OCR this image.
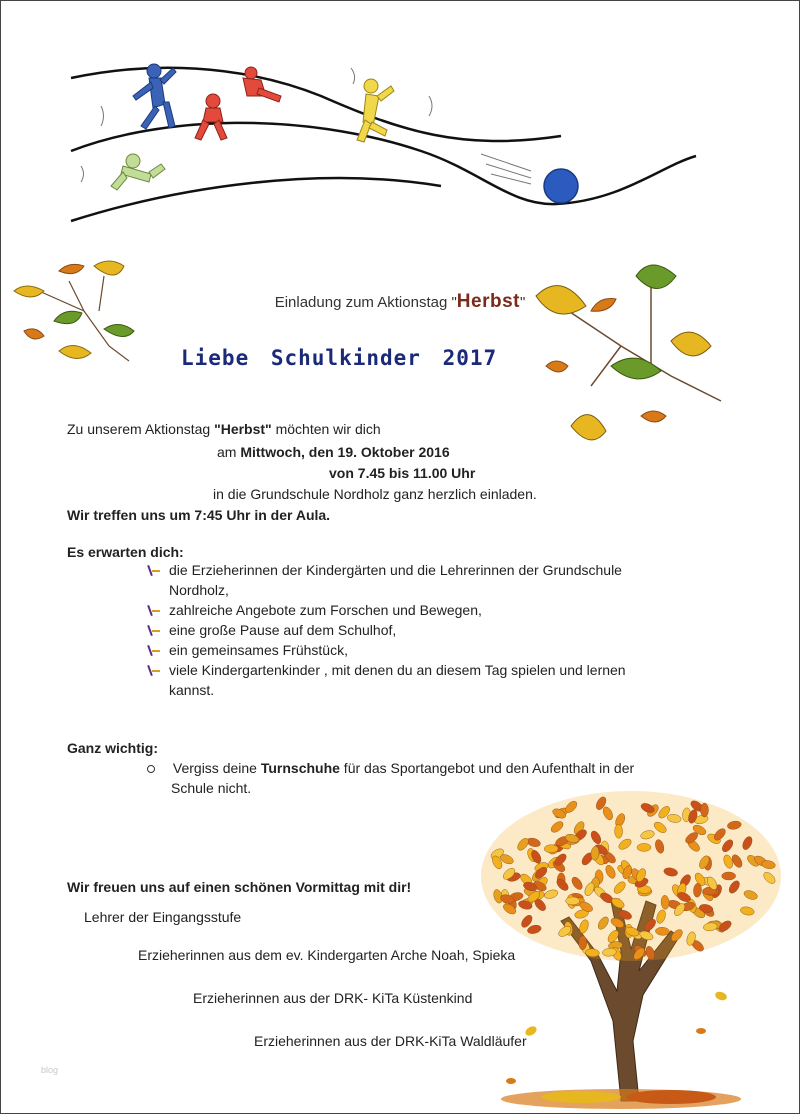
Einladung zum Aktionstag "Herbst"
Liebe Schulkinder 2017
Zu unserem Aktionstag "Herbst" möchten wir dich
am Mittwoch, den 19. Oktober 2016
von 7.45 bis 11.00 Uhr
in die Grundschule Nordholz ganz herzlich einladen.
Wir treffen uns um 7:45 Uhr in der Aula.
Es erwarten dich:
die Erzieherinnen der Kindergärten und die Lehrerinnen der Grundschule
Nordholz,
zahlreiche Angebote zum Forschen und Bewegen,
eine große Pause auf dem Schulhof,
ein gemeinsames Frühstück,
viele Kindergartenkinder , mit denen du an diesem Tag spielen und lernen
kannst.
Ganz wichtig:
Vergiss deine Turnschuhe für das Sportangebot und den Aufenthalt in der
Schule nicht.
Wir freuen uns auf einen schönen Vormittag mit dir!
Lehrer der Eingangsstufe
Erzieherinnen aus dem ev. Kindergarten Arche Noah, Spieka
Erzieherinnen aus der DRK- KiTa Küstenkind
Erzieherinnen aus der DRK-KiTa Waldläufer
blog
